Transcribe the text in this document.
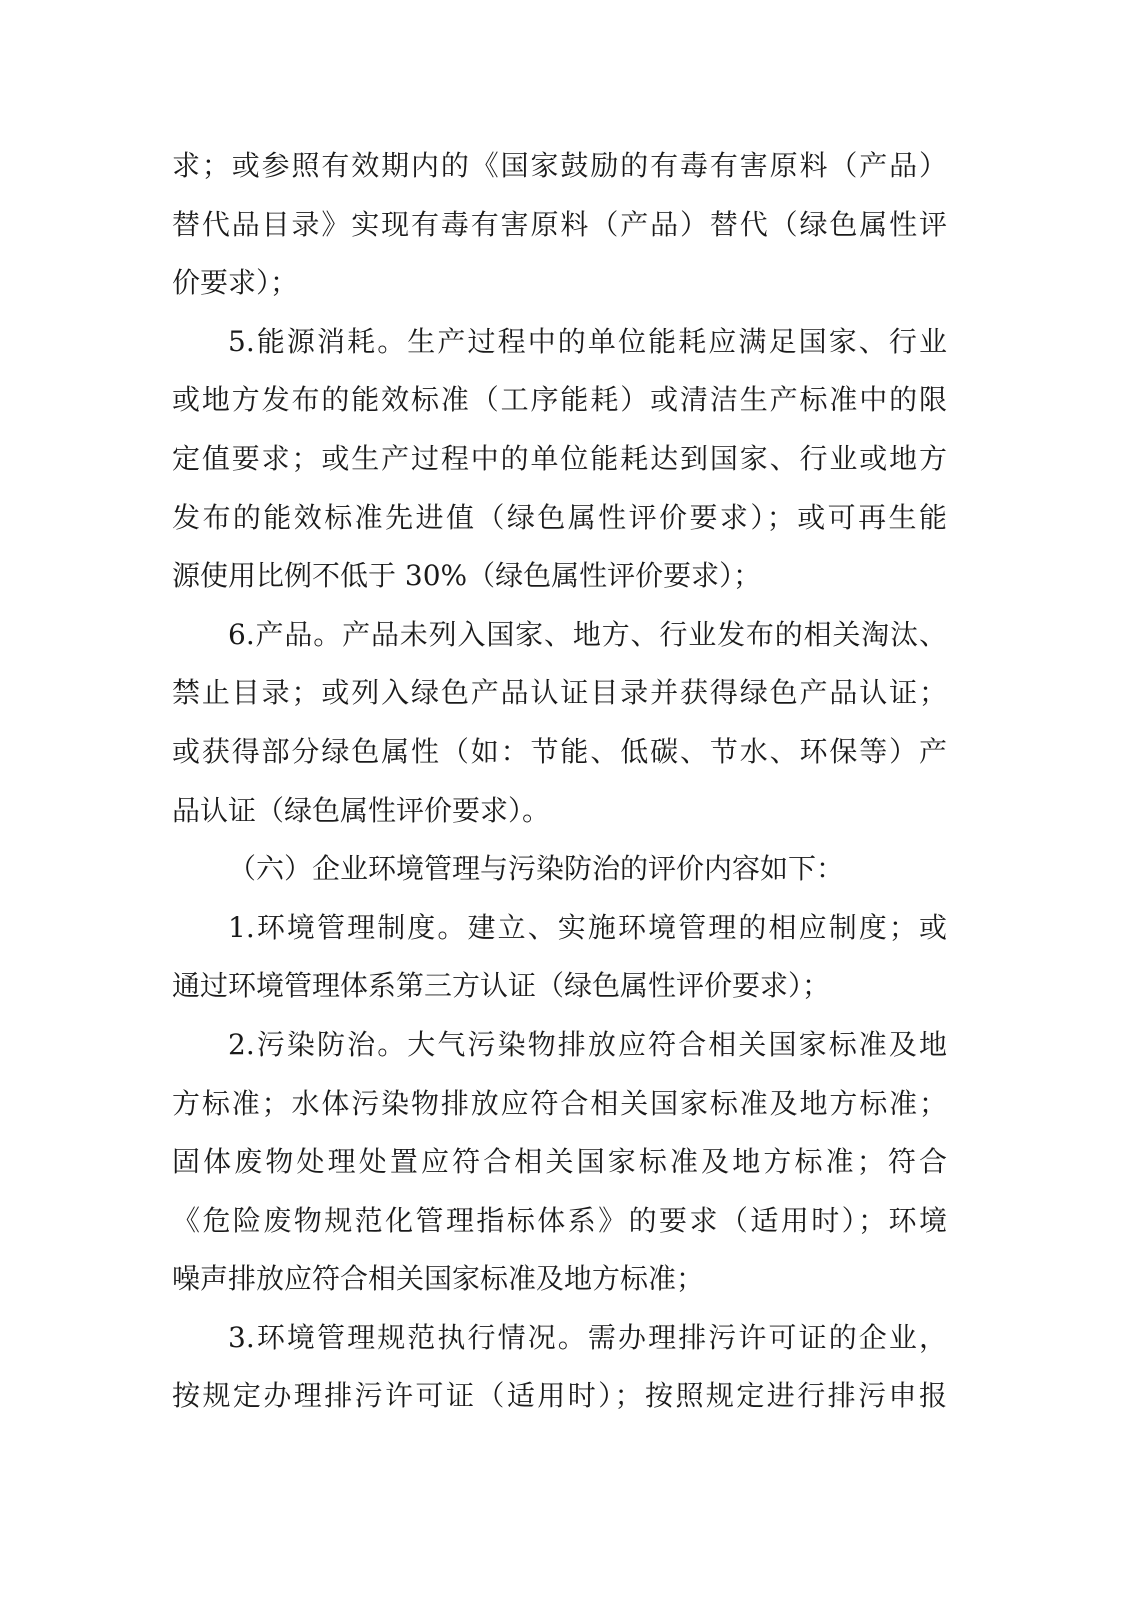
求；或参照有效期内的《国家鼓励的有毒有害原料（产品）
替代品目录》实现有毒有害原料（产品）替代（绿色属性评
价要求）；
5.能源消耗。生产过程中的单位能耗应满足国家、行业
或地方发布的能效标准（工序能耗）或清洁生产标准中的限
定值要求；或生产过程中的单位能耗达到国家、行业或地方
发布的能效标准先进值（绿色属性评价要求）；或可再生能
源使用比例不低于 30%（绿色属性评价要求）；
6.产品。产品未列入国家、地方、行业发布的相关淘汰、
禁止目录；或列入绿色产品认证目录并获得绿色产品认证；
或获得部分绿色属性（如：节能、低碳、节水、环保等）产
品认证（绿色属性评价要求）。
（六）企业环境管理与污染防治的评价内容如下：
1.环境管理制度。建立、实施环境管理的相应制度；或
通过环境管理体系第三方认证（绿色属性评价要求）；
2.污染防治。大气污染物排放应符合相关国家标准及地
方标准；水体污染物排放应符合相关国家标准及地方标准；
固体废物处理处置应符合相关国家标准及地方标准；符合
《危险废物规范化管理指标体系》的要求（适用时）；环境
噪声排放应符合相关国家标准及地方标准；
3.环境管理规范执行情况。需办理排污许可证的企业，
按规定办理排污许可证（适用时）；按照规定进行排污申报
